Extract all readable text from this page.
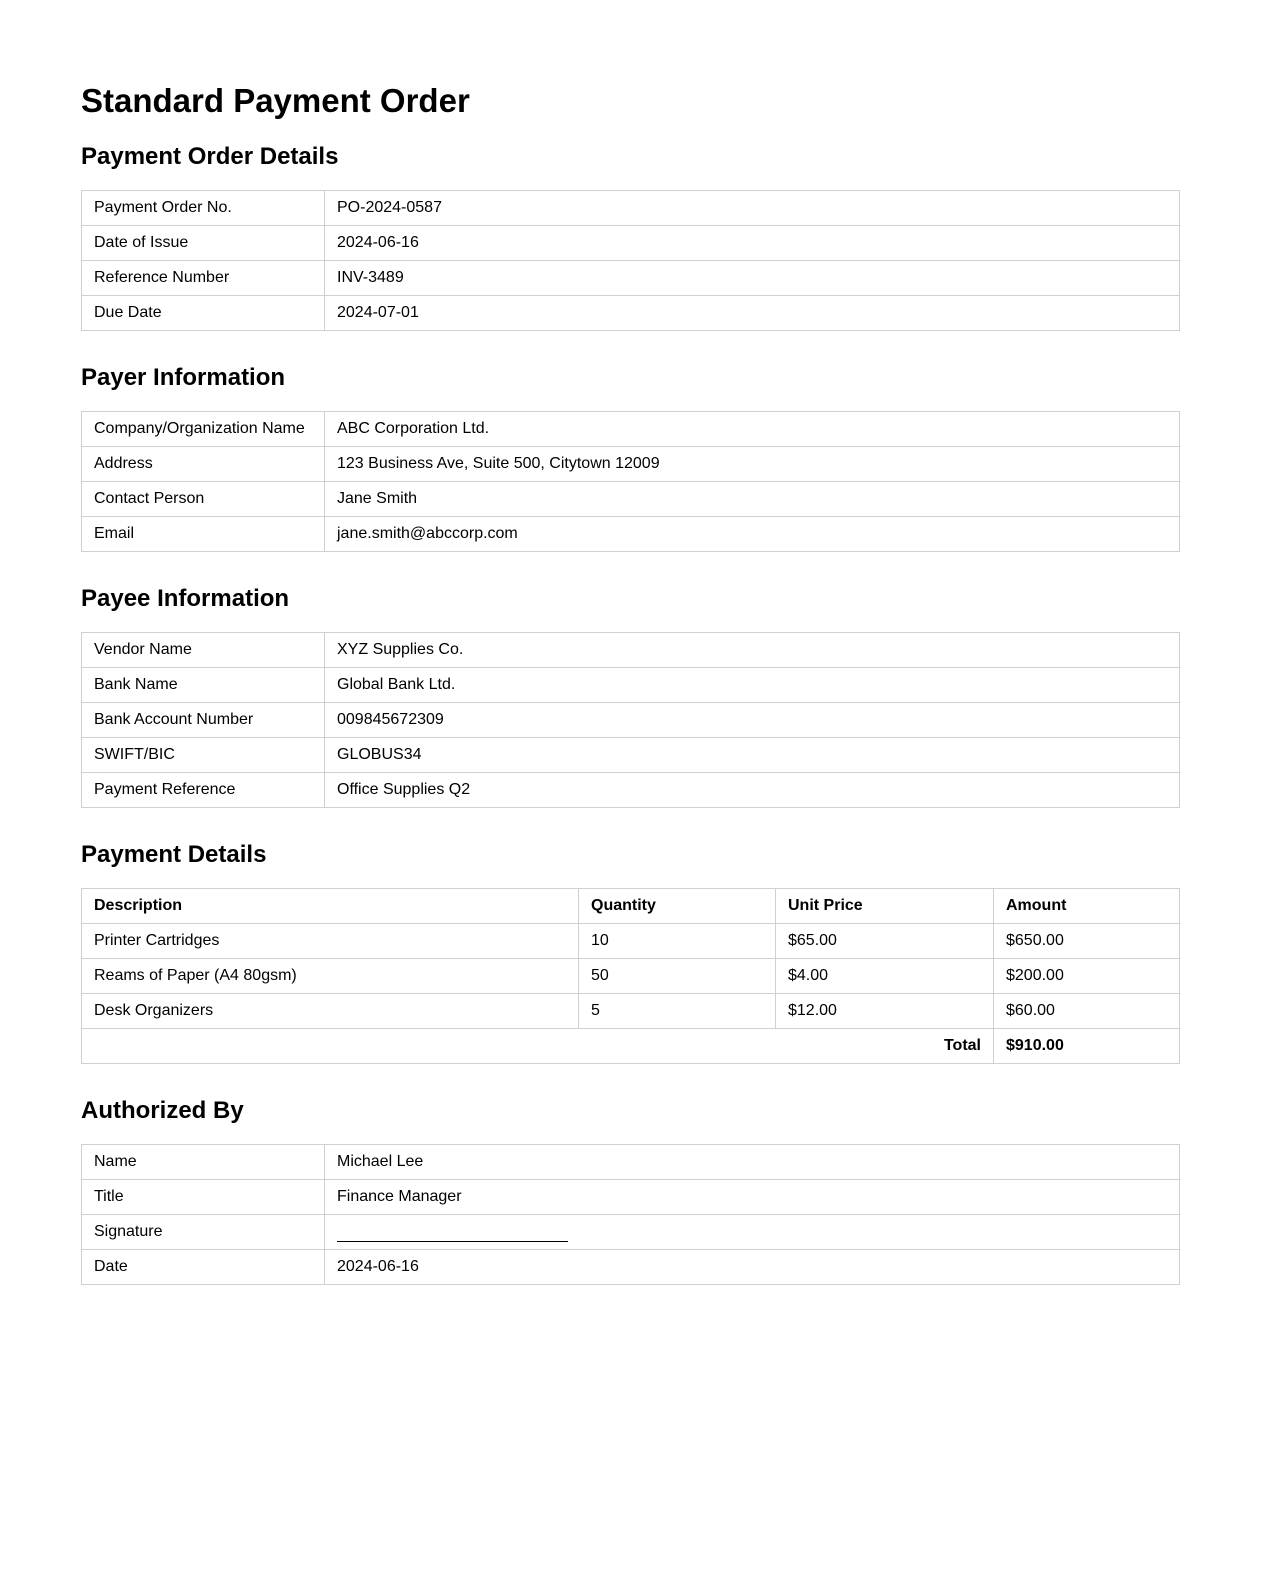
Standard Payment Order
Payment Order Details
Payment Order No.	PO-2024-0587
Date of Issue	2024-06-16
Reference Number	INV-3489
Due Date	2024-07-01
Payer Information
Company/Organization Name	ABC Corporation Ltd.
Address	123 Business Ave, Suite 500, Citytown 12009
Contact Person	Jane Smith
Email	jane.smith@abccorp.com
Payee Information
Vendor Name	XYZ Supplies Co.
Bank Name	Global Bank Ltd.
Bank Account Number	009845672309
SWIFT/BIC	GLOBUS34
Payment Reference	Office Supplies Q2
Payment Details
Description	Quantity	Unit Price	Amount
Printer Cartridges	10	$65.00	$650.00
Reams of Paper (A4 80gsm)	50	$4.00	$200.00
Desk Organizers	5	$12.00	$60.00
Total			$910.00
Authorized By
Name	Michael Lee
Title	Finance Manager
Signature	
Date	2024-06-16
